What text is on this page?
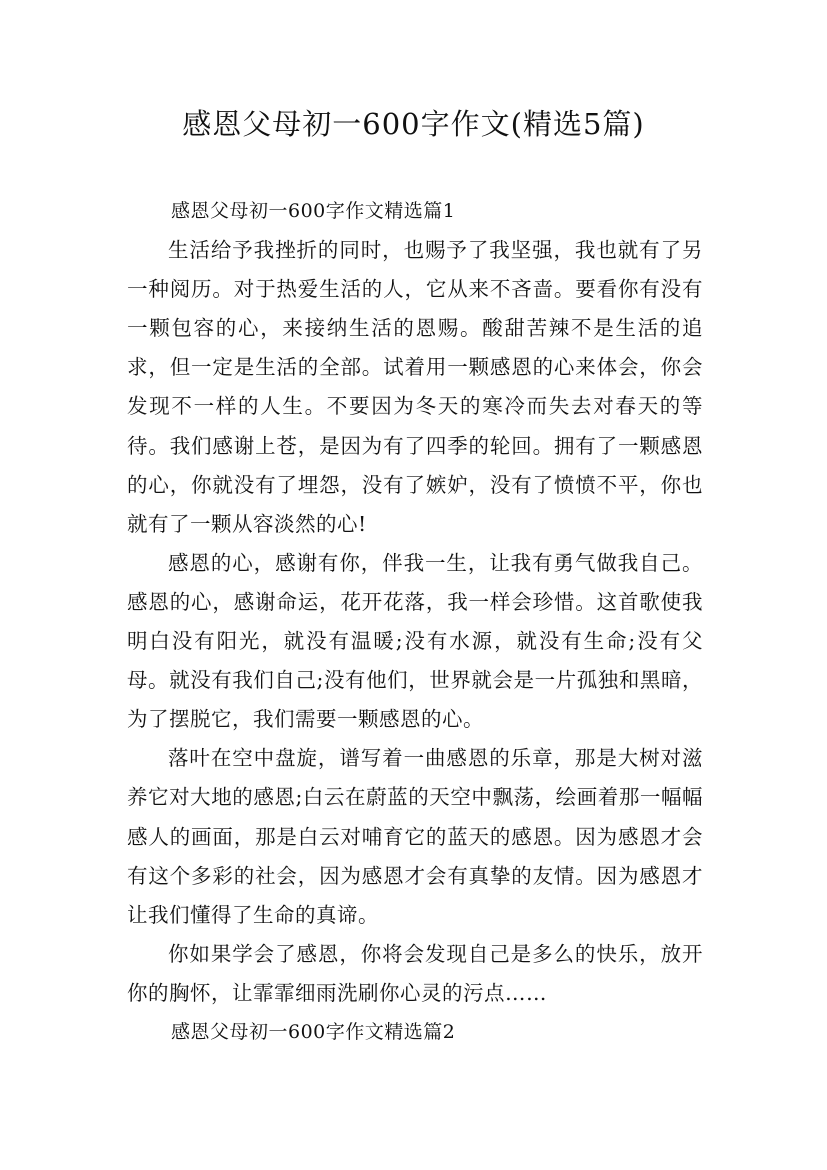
感恩父母初一600字作文(精选5篇)

感恩父母初一600字作文精选篇1

生活给予我挫折的同时，也赐予了我坚强，我也就有了另一种阅历。对于热爱生活的人，它从来不吝啬。要看你有没有一颗包容的心，来接纳生活的恩赐。酸甜苦辣不是生活的追求，但一定是生活的全部。试着用一颗感恩的心来体会，你会发现不一样的人生。不要因为冬天的寒冷而失去对春天的等待。我们感谢上苍，是因为有了四季的轮回。拥有了一颗感恩的心，你就没有了埋怨，没有了嫉妒，没有了愤愤不平，你也就有了一颗从容淡然的心!

感恩的心，感谢有你，伴我一生，让我有勇气做我自己。感恩的心，感谢命运，花开花落，我一样会珍惜。这首歌使我明白没有阳光，就没有温暖;没有水源，就没有生命;没有父母。就没有我们自己;没有他们，世界就会是一片孤独和黑暗，为了摆脱它，我们需要一颗感恩的心。

落叶在空中盘旋，谱写着一曲感恩的乐章，那是大树对滋养它对大地的感恩;白云在蔚蓝的天空中飘荡，绘画着那一幅幅感人的画面，那是白云对哺育它的蓝天的感恩。因为感恩才会有这个多彩的社会，因为感恩才会有真挚的友情。因为感恩才让我们懂得了生命的真谛。

你如果学会了感恩，你将会发现自己是多么的快乐，放开你的胸怀，让霏霏细雨洗刷你心灵的污点……

感恩父母初一600字作文精选篇2
